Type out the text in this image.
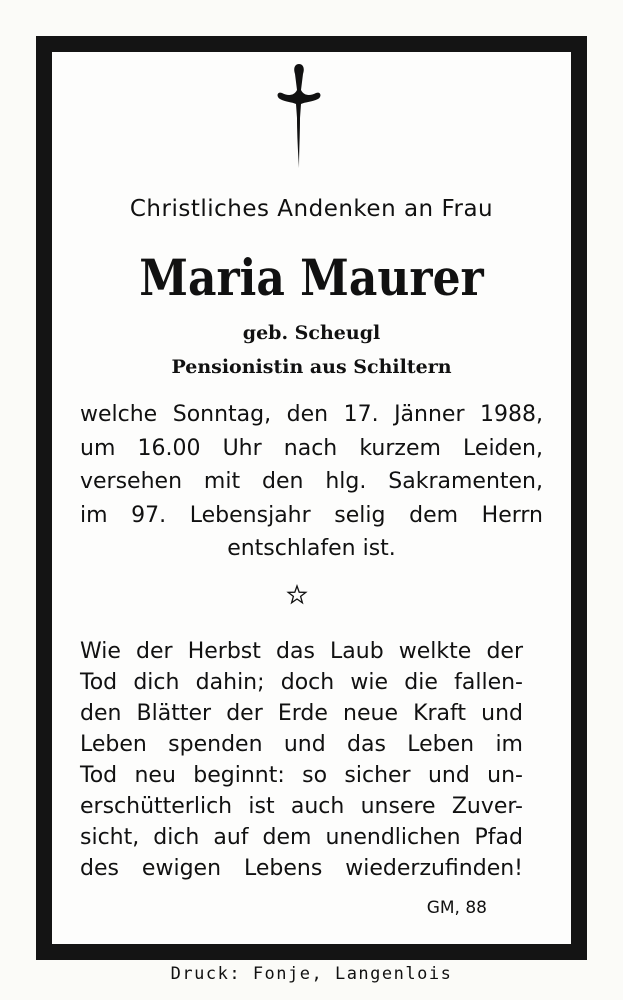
Christliches Andenken an Frau
Maria Maurer
geb. Scheugl
Pensionistin aus Schiltern
welche Sonntag, den 17. Jänner 1988,
um 16.00 Uhr nach kurzem Leiden,
versehen mit den hlg. Sakramenten,
im 97. Lebensjahr selig dem Herrn
entschlafen ist.
Wie der Herbst das Laub welkte der
Tod dich dahin; doch wie die fallen-
den Blätter der Erde neue Kraft und
Leben spenden und das Leben im
Tod neu beginnt: so sicher und un-
erschütterlich ist auch unsere Zuver-
sicht, dich auf dem unendlichen Pfad
des ewigen Lebens wiederzufinden!
GM, 88
Druck: Fonje, Langenlois
